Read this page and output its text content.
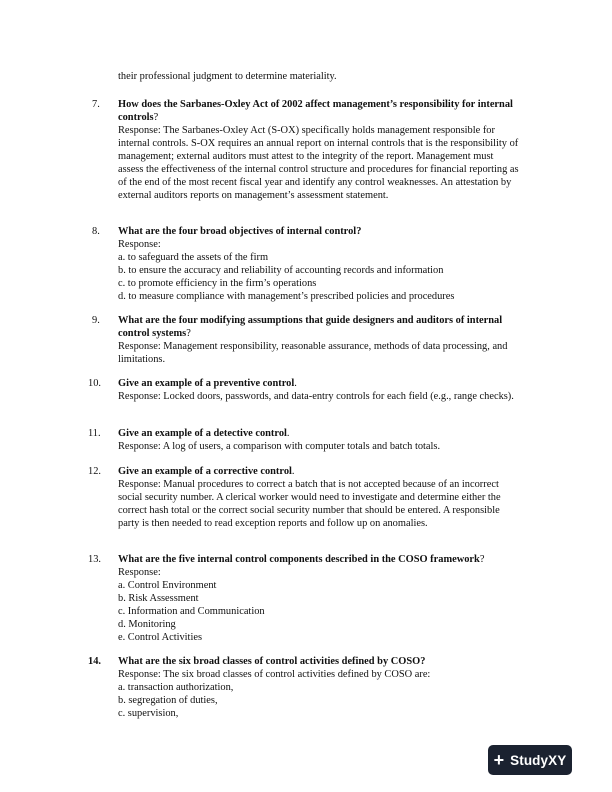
their professional judgment to determine materiality.
7.	How does the Sarbanes-Oxley Act of 2002 affect management’s responsibility for internal controls?
Response: The Sarbanes-Oxley Act (S-OX) specifically holds management responsible for internal controls. S-OX requires an annual report on internal controls that is the responsibility of management; external auditors must attest to the integrity of the report. Management must assess the effectiveness of the internal control structure and procedures for financial reporting as of the end of the most recent fiscal year and identify any control weaknesses. An attestation by external auditors reports on management’s assessment statement.
8.	What are the four broad objectives of internal control?
Response:
a. to safeguard the assets of the firm
b. to ensure the accuracy and reliability of accounting records and information
c. to promote efficiency in the firm’s operations
d. to measure compliance with management’s prescribed policies and procedures
9.	What are the four modifying assumptions that guide designers and auditors of internal control systems?
Response: Management responsibility, reasonable assurance, methods of data processing, and limitations.
10.	Give an example of a preventive control.
Response: Locked doors, passwords, and data-entry controls for each field (e.g., range checks).
11.	Give an example of a detective control.
Response: A log of users, a comparison with computer totals and batch totals.
12.	Give an example of a corrective control.
Response: Manual procedures to correct a batch that is not accepted because of an incorrect social security number. A clerical worker would need to investigate and determine either the correct hash total or the correct social security number that should be entered. A responsible party is then needed to read exception reports and follow up on anomalies.
13.	What are the five internal control components described in the COSO framework?
Response:
a. Control Environment
b. Risk Assessment
c. Information and Communication
d. Monitoring
e. Control Activities
14.	What are the six broad classes of control activities defined by COSO?
Response: The six broad classes of control activities defined by COSO are:
a. transaction authorization,
b. segregation of duties,
c. supervision,
+ StudyXY
